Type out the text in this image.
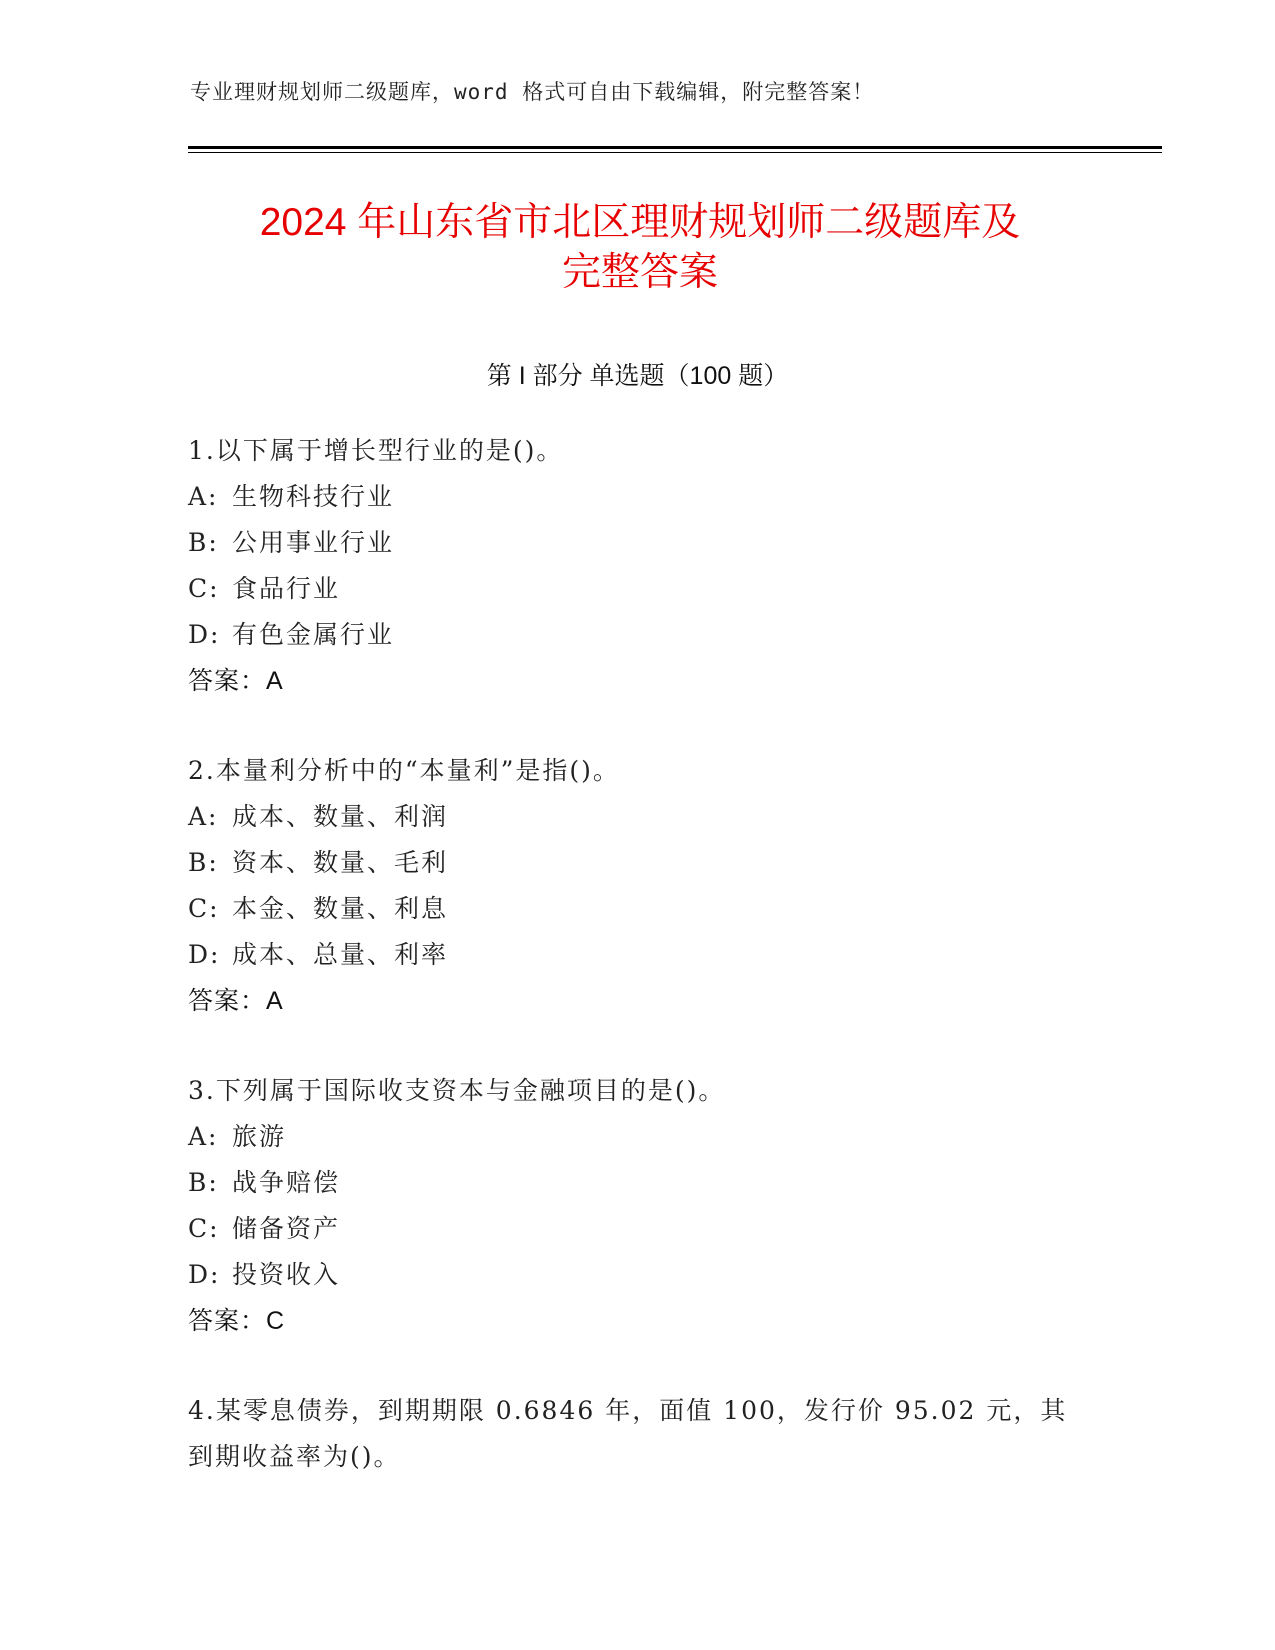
专业理财规划师二级题库，word 格式可自由下载编辑，附完整答案！
2024 年山东省市北区理财规划师二级题库及
完整答案
第 I 部分 单选题（100 题）
1.以下属于增长型行业的是()。
A: 生物科技行业
B: 公用事业行业
C: 食品行业
D: 有色金属行业
答案：A
2.本量利分析中的“本量利”是指()。
A: 成本、数量、利润
B: 资本、数量、毛利
C: 本金、数量、利息
D: 成本、总量、利率
答案：A
3.下列属于国际收支资本与金融项目的是()。
A: 旅游
B: 战争赔偿
C: 储备资产
D: 投资收入
答案：C
4.某零息债券，到期期限 0.6846 年，面值 100，发行价 95.02 元，其
到期收益率为()。
